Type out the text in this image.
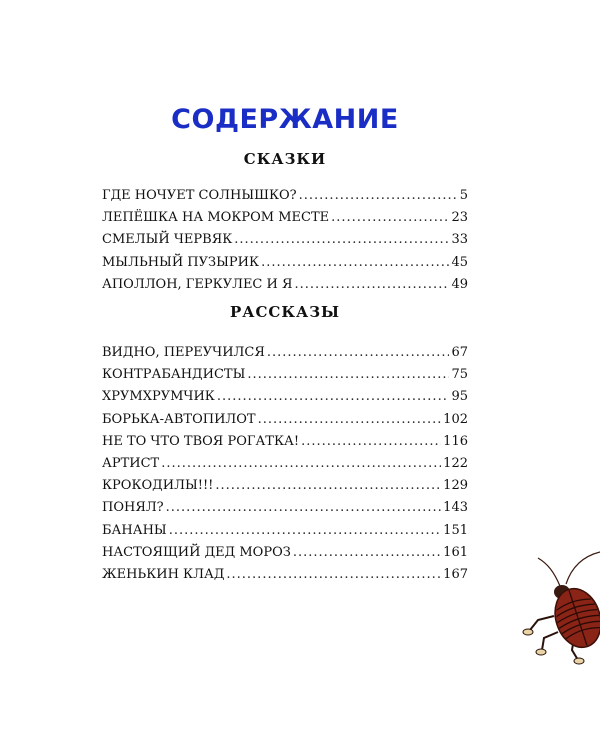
СОДЕРЖАНИЕ
СКАЗКИ
ГДЕ НОЧУЕТ СОЛНЫШКО? .....	5
ЛЕПЁШКА НА МОКРОМ МЕСТЕ .....	23
СМЕЛЫЙ ЧЕРВЯК .....	33
МЫЛЬНЫЙ ПУЗЫРИК .....	45
АПОЛЛОН, ГЕРКУЛЕС И Я .....	49
РАССКАЗЫ
ВИДНО, ПЕРЕУЧИЛСЯ .....	67
КОНТРАБАНДИСТЫ .....	75
ХРУМХРУМЧИК .....	95
БОРЬКА-АВТОПИЛОТ .....	102
НЕ ТО ЧТО ТВОЯ РОГАТКА! .....	116
АРТИСТ .....	122
КРОКОДИЛЫ!!! .....	129
ПОНЯЛ? .....	143
БАНАНЫ .....	151
НАСТОЯЩИЙ ДЕД МОРОЗ .....	161
ЖЕНЬКИН КЛАД .....	167
